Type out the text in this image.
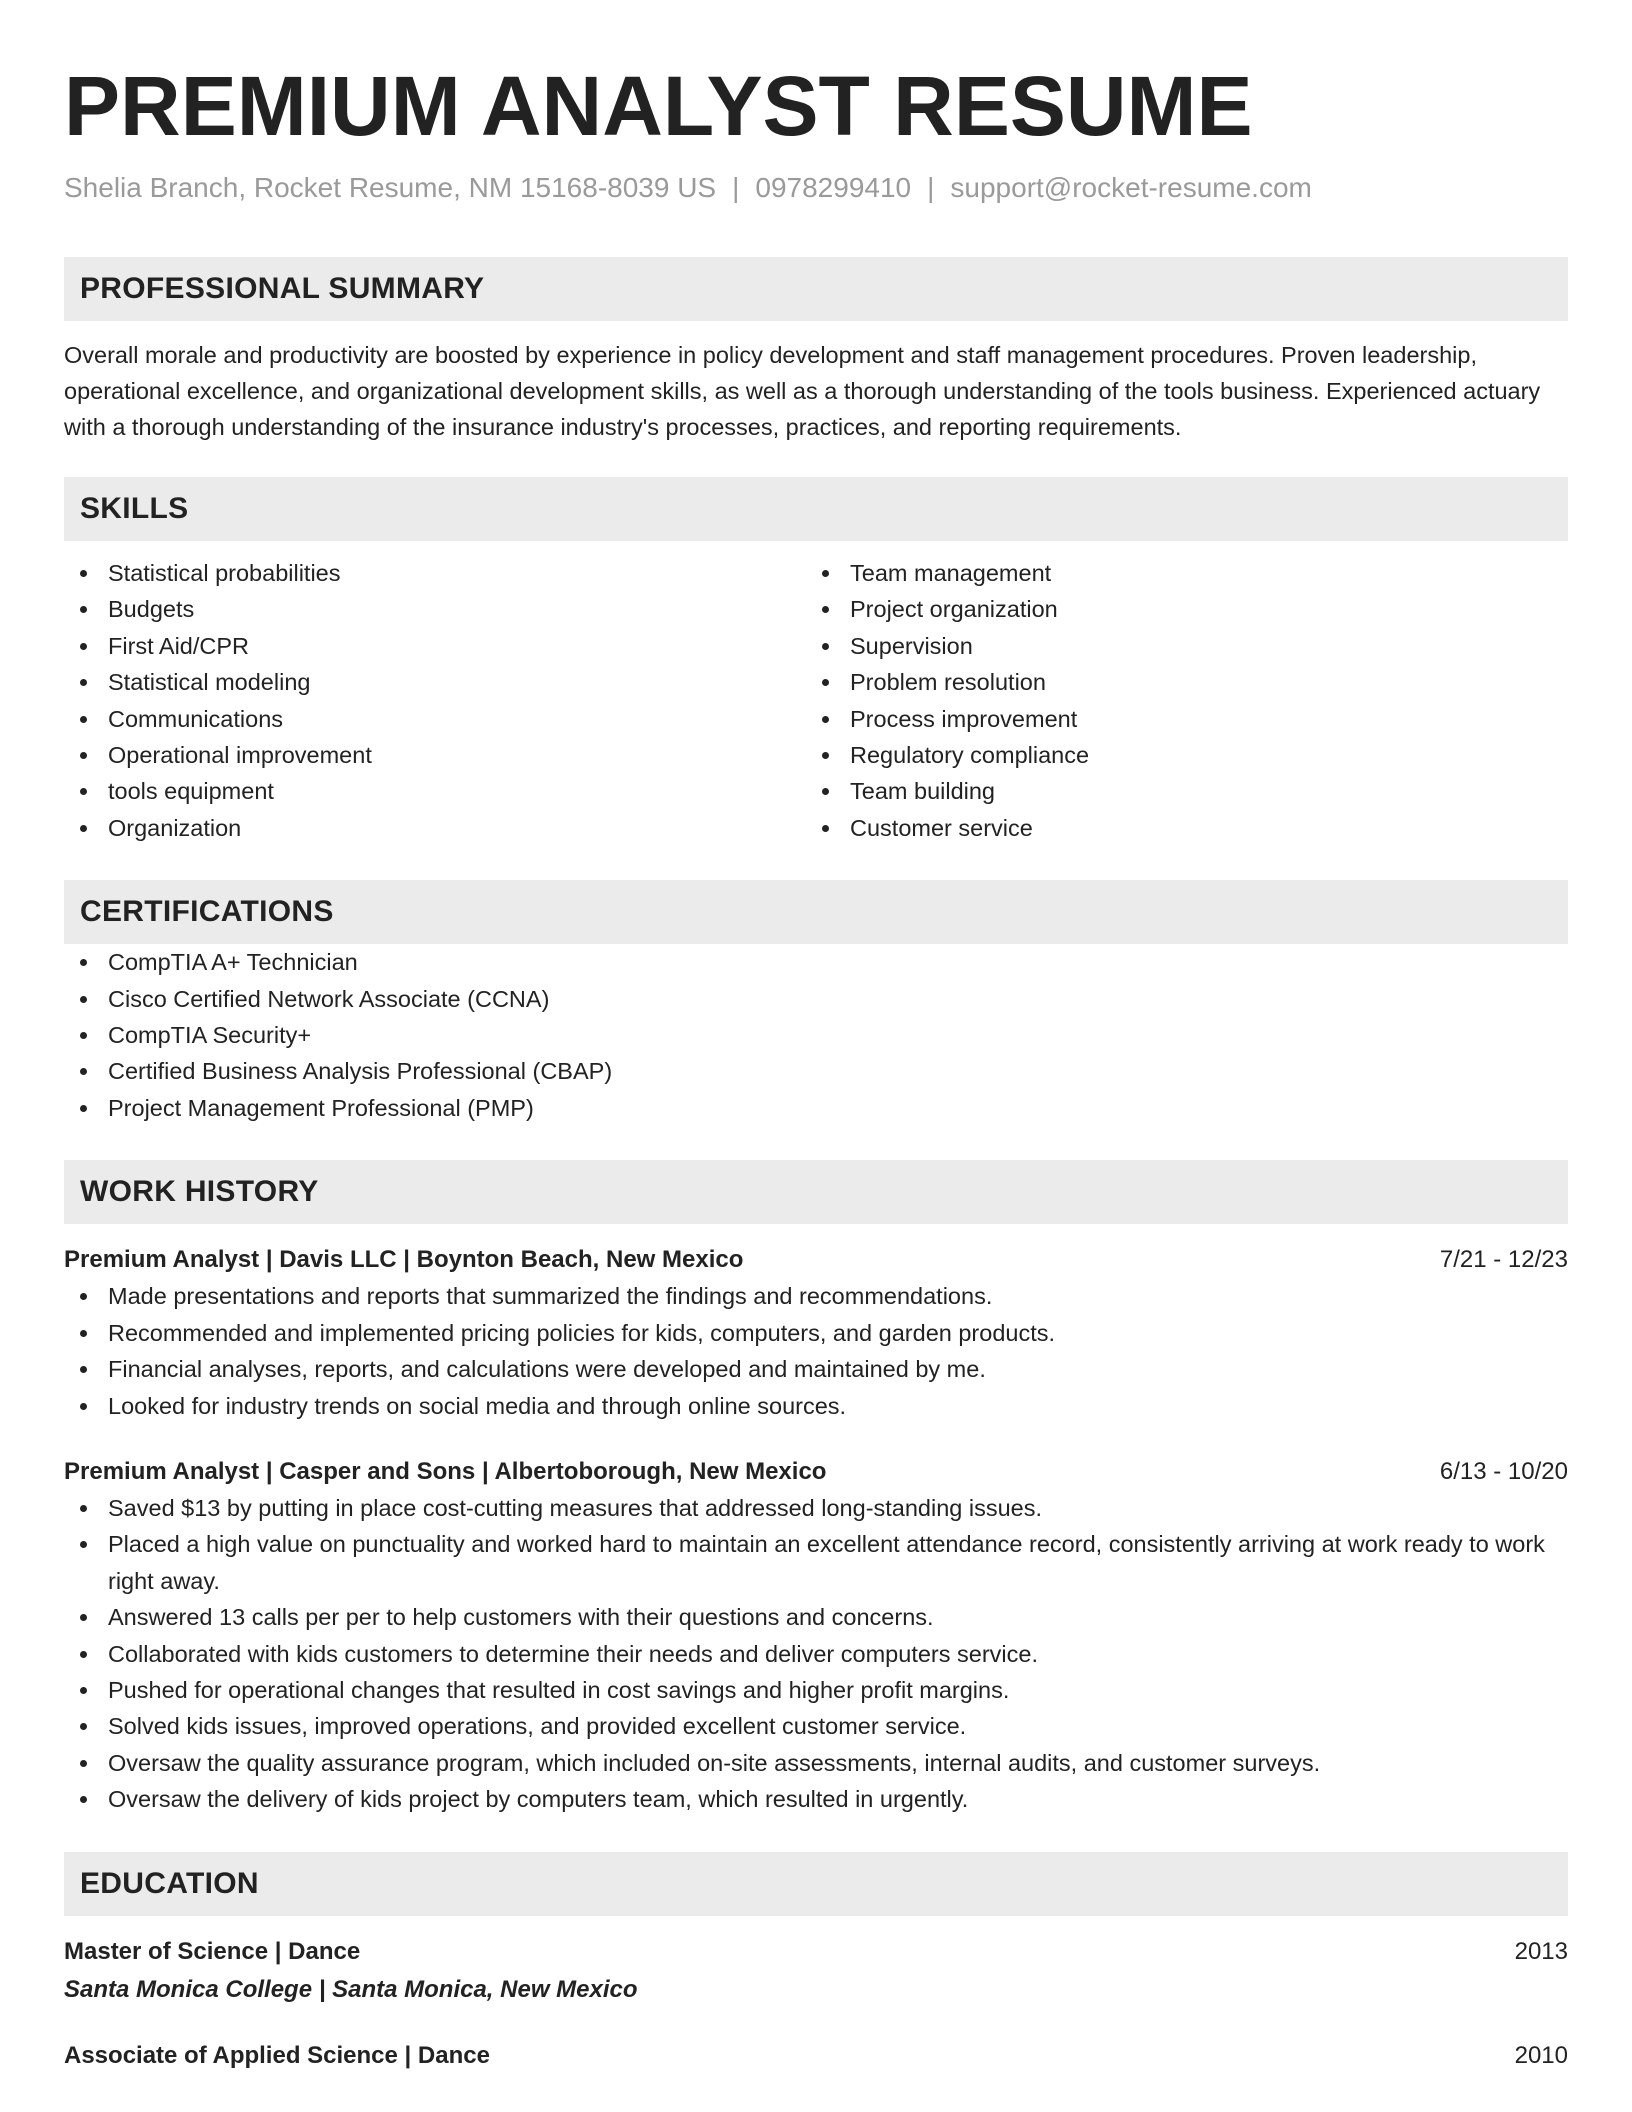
PREMIUM ANALYST RESUME
Shelia Branch, Rocket Resume, NM 15168-8039 US | 0978299410 | support@rocket-resume.com
PROFESSIONAL SUMMARY
Overall morale and productivity are boosted by experience in policy development and staff management procedures. Proven leadership, operational excellence, and organizational development skills, as well as a thorough understanding of the tools business. Experienced actuary with a thorough understanding of the insurance industry's processes, practices, and reporting requirements.
SKILLS
Statistical probabilities
Budgets
First Aid/CPR
Statistical modeling
Communications
Operational improvement
tools equipment
Organization
Team management
Project organization
Supervision
Problem resolution
Process improvement
Regulatory compliance
Team building
Customer service
CERTIFICATIONS
CompTIA A+ Technician
Cisco Certified Network Associate (CCNA)
CompTIA Security+
Certified Business Analysis Professional (CBAP)
Project Management Professional (PMP)
WORK HISTORY
Premium Analyst | Davis LLC | Boynton Beach, New Mexico	7/21 - 12/23
Made presentations and reports that summarized the findings and recommendations.
Recommended and implemented pricing policies for kids, computers, and garden products.
Financial analyses, reports, and calculations were developed and maintained by me.
Looked for industry trends on social media and through online sources.
Premium Analyst | Casper and Sons | Albertoborough, New Mexico	6/13 - 10/20
Saved $13 by putting in place cost-cutting measures that addressed long-standing issues.
Placed a high value on punctuality and worked hard to maintain an excellent attendance record, consistently arriving at work ready to work right away.
Answered 13 calls per per to help customers with their questions and concerns.
Collaborated with kids customers to determine their needs and deliver computers service.
Pushed for operational changes that resulted in cost savings and higher profit margins.
Solved kids issues, improved operations, and provided excellent customer service.
Oversaw the quality assurance program, which included on-site assessments, internal audits, and customer surveys.
Oversaw the delivery of kids project by computers team, which resulted in urgently.
EDUCATION
Master of Science | Dance	2013
Santa Monica College | Santa Monica, New Mexico
Associate of Applied Science | Dance	2010
